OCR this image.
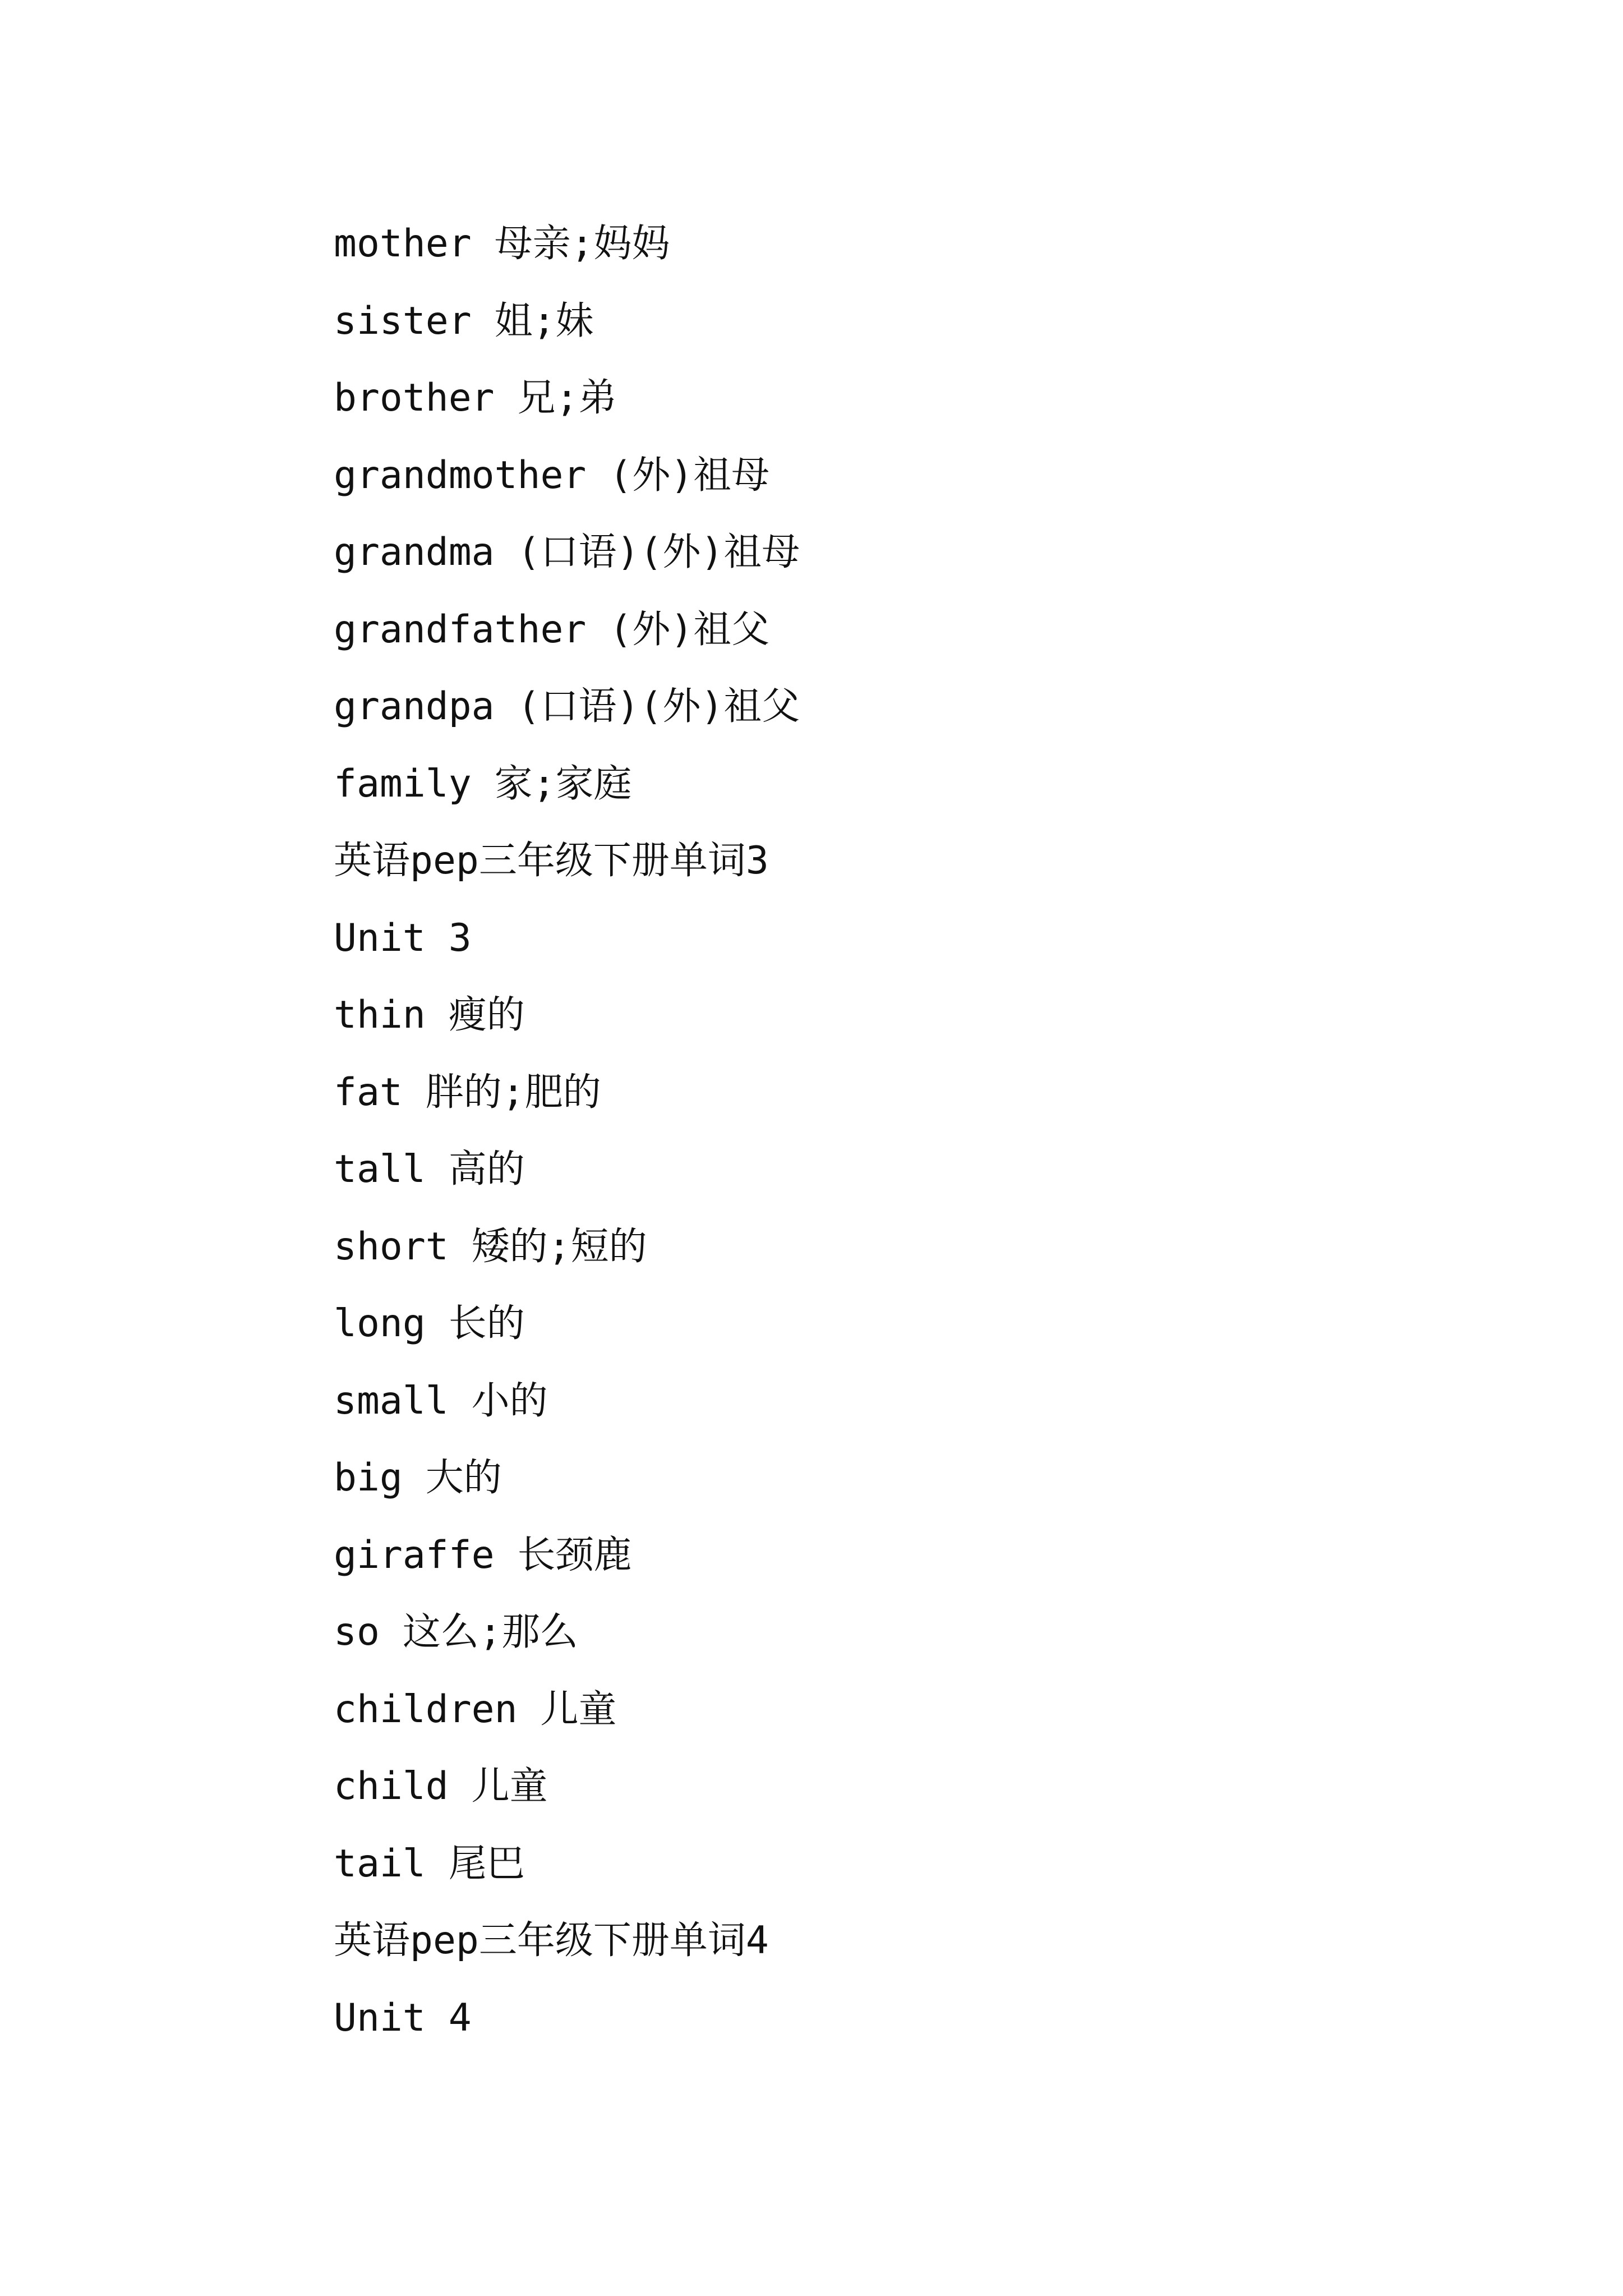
mother 母亲;妈妈
sister 姐;妹
brother 兄;弟
grandmother (外)祖母
grandma (口语)(外)祖母
grandfather (外)祖父
grandpa (口语)(外)祖父
family 家;家庭
英语pep三年级下册单词3
Unit 3
thin 瘦的
fat 胖的;肥的
tall 高的
short 矮的;短的
long 长的
small 小的
big 大的
giraffe 长颈鹿
so 这么;那么
children 儿童
child 儿童
tail 尾巴
英语pep三年级下册单词4
Unit 4
